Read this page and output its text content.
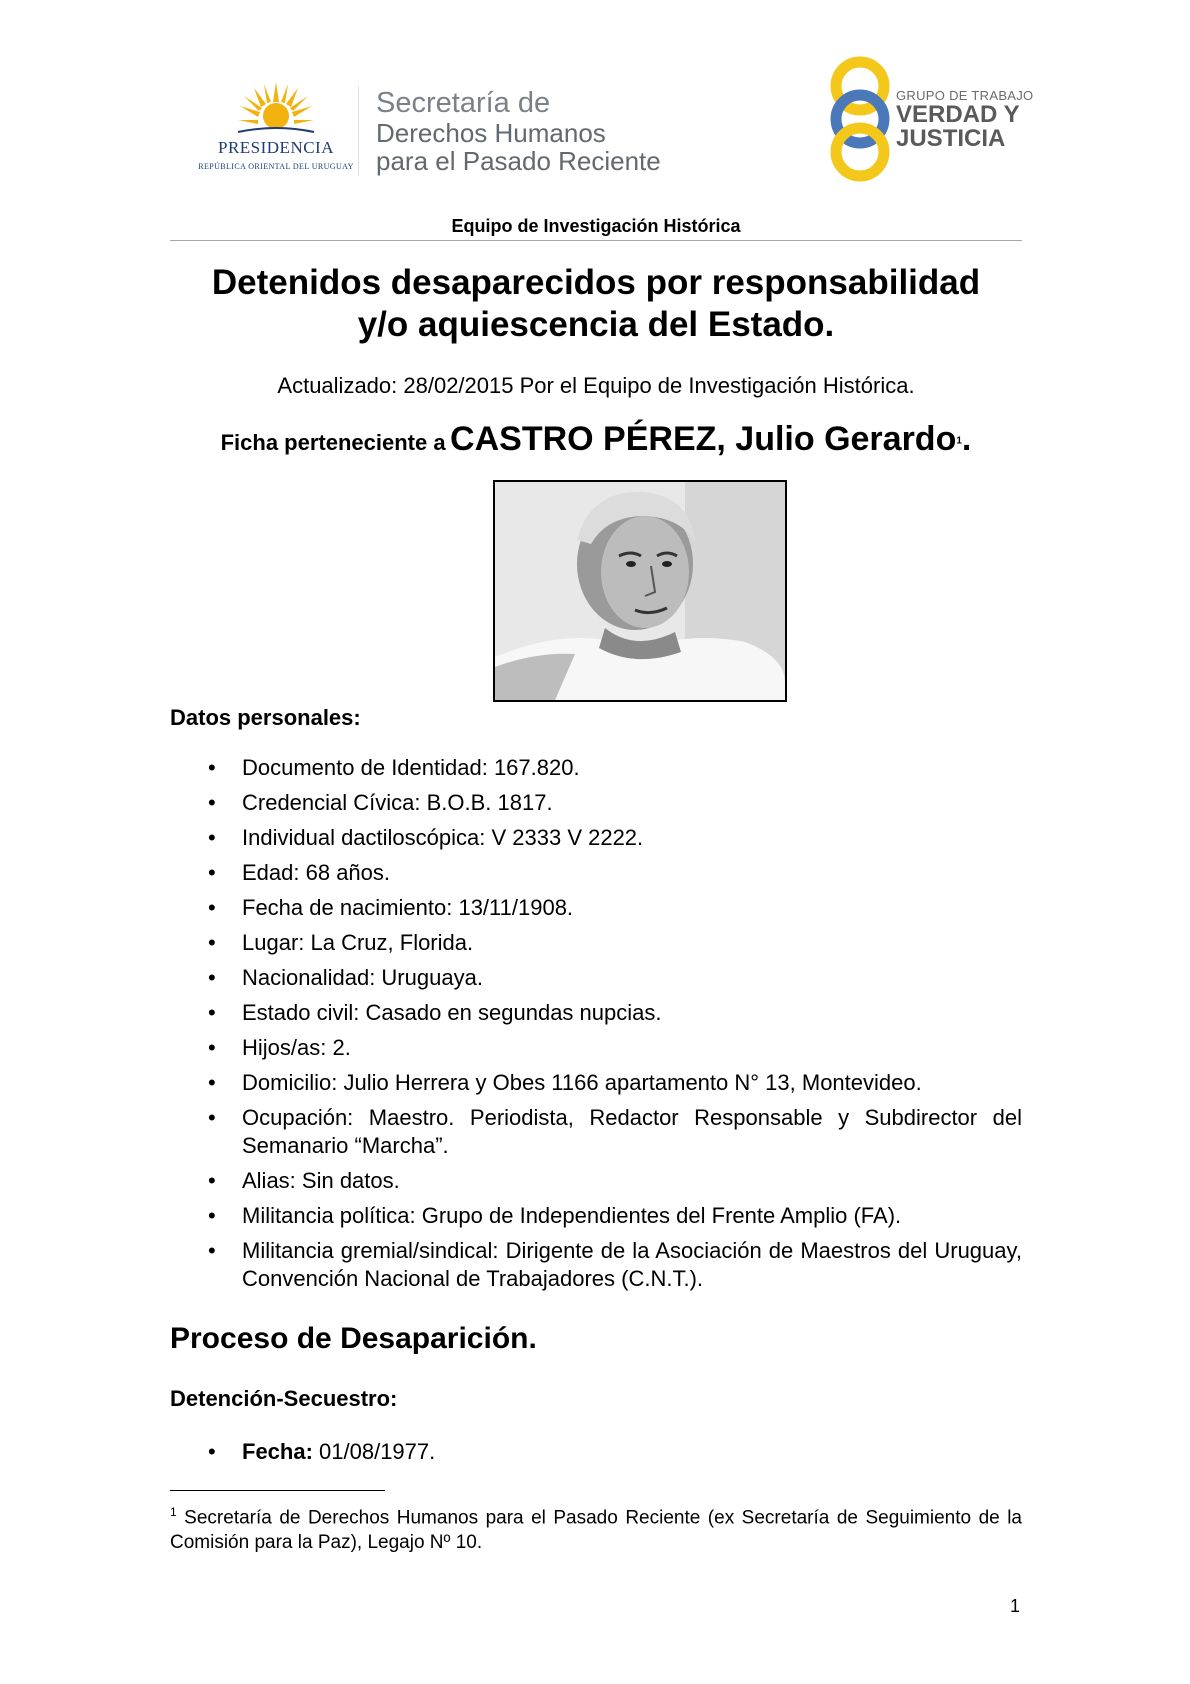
PRESIDENCIA
REPÚBLICA ORIENTAL DEL URUGUAY
Secretaría de
Derechos Humanos
para el Pasado Reciente
GRUPO DE TRABAJO
VERDAD Y
JUSTICIA
Equipo de Investigación Histórica
Detenidos desaparecidos por responsabilidad
y/o aquiescencia del Estado.
Actualizado: 28/02/2015 Por el Equipo de Investigación Histórica.
Ficha perteneciente a CASTRO PÉREZ, Julio Gerardo$^1$.
Datos personales:
• Documento de Identidad: 167.820.
• Credencial Cívica: B.O.B. 1817.
• Individual dactiloscópica: V 2333 V 2222.
• Edad: 68 años.
• Fecha de nacimiento: 13/11/1908.
• Lugar: La Cruz, Florida.
• Nacionalidad: Uruguaya.
• Estado civil: Casado en segundas nupcias.
• Hijos/as: 2.
• Domicilio: Julio Herrera y Obes 1166 apartamento N° 13, Montevideo.
• Ocupación: Maestro. Periodista, Redactor Responsable y Subdirector del Semanario “Marcha”.
• Alias: Sin datos.
• Militancia política: Grupo de Independientes del Frente Amplio (FA).
• Militancia gremial/sindical: Dirigente de la Asociación de Maestros del Uruguay, Convención Nacional de Trabajadores (C.N.T.).
Proceso de Desaparición.
Detención-Secuestro:
• Fecha: 01/08/1977.
$^1$ Secretaría de Derechos Humanos para el Pasado Reciente (ex Secretaría de Seguimiento de la Comisión para la Paz), Legajo Nº 10.
1
